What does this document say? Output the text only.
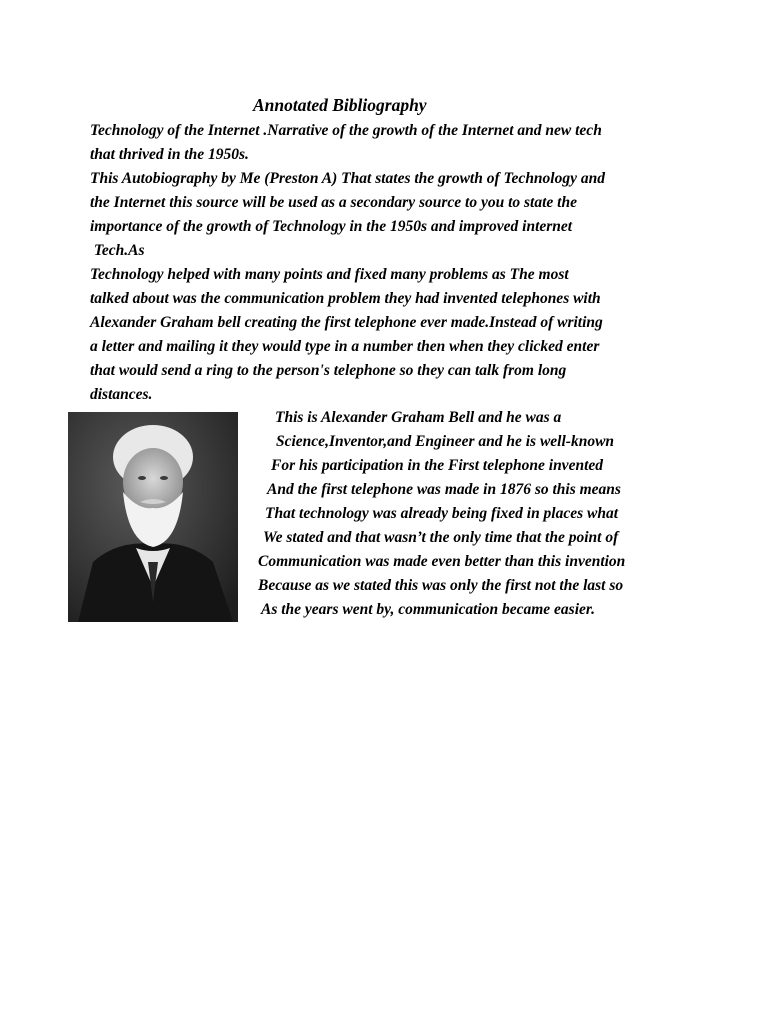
Annotated Bibliography
Technology of the Internet .Narrative of the growth of the Internet and new tech
that thrived in the 1950s.
This Autobiography by Me (Preston A) That states the growth of Technology and
the Internet this source will be used as a secondary source to you to state the
importance of the growth of Technology in the 1950s and improved internet
Tech.As
Technology helped with many points and fixed many problems as The most
talked about was the communication problem they had invented telephones with
Alexander Graham bell creating the first telephone ever made.Instead of writing
a letter and mailing it they would type in a number then when they clicked enter
that would send a ring to the person's telephone so they can talk from long
distances.
This is Alexander Graham Bell and he was a
Science,Inventor,and Engineer and he is well-known
For his participation in the First telephone invented
And the first telephone was made in 1876 so this means
That technology was already being fixed in places what
We stated and that wasn’t the only time that the point of
Communication was made even better than this invention
Because as we stated this was only the first not the last so
As the years went by, communication became easier.
